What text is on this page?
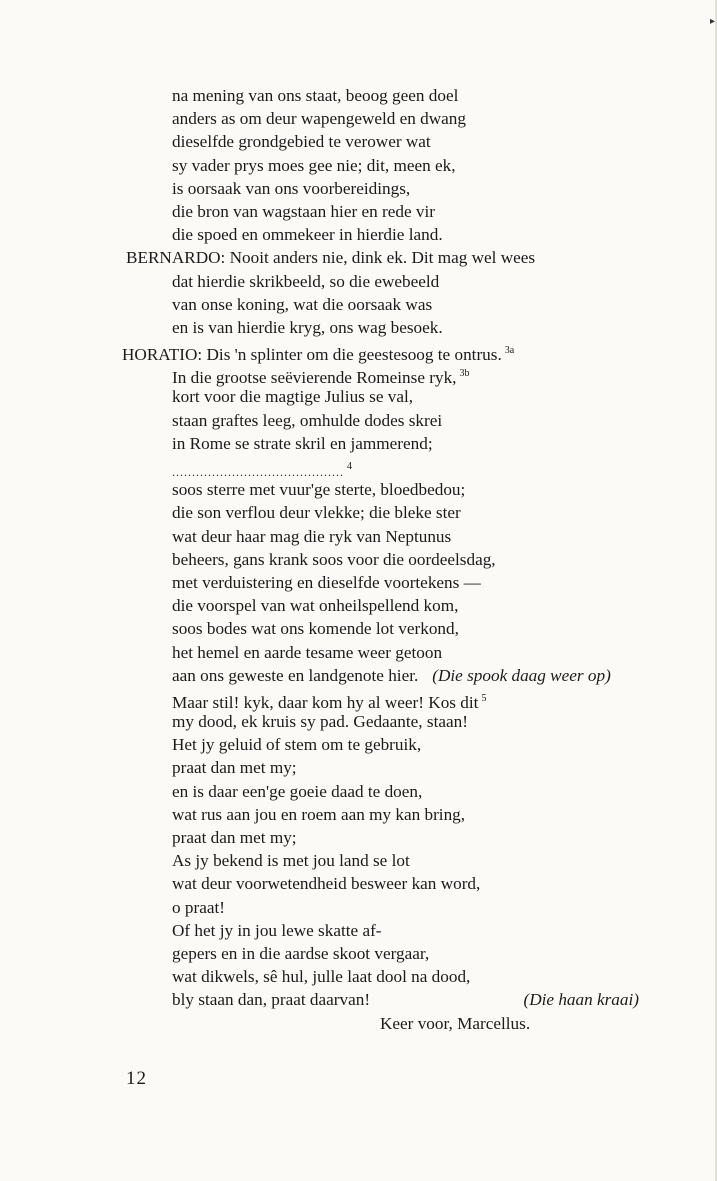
▸
na mening van ons staat, beoog geen doel
anders as om deur wapengeweld en dwang
dieselfde grondgebied te verower wat
sy vader prys moes gee nie; dit, meen ek,
is oorsaak van ons voorbereidings,
die bron van wagstaan hier en rede vir
die spoed en ommekeer in hierdie land.
BERNARDO: Nooit anders nie, dink ek. Dit mag wel wees
dat hierdie skrikbeeld, so die ewebeeld
van onse koning, wat die oorsaak was
en is van hierdie kryg, ons wag besoek.
HORATIO: Dis 'n splinter om die geestesoog te ontrus. $^{3a}$
In die grootse seëvierende Romeinse ryk, $^{3b}$
kort voor die magtige Julius se val,
staan graftes leeg, omhulde dodes skrei
in Rome se strate skril en jammerend;
........................................... $^4$
soos sterre met vuur'ge sterte, bloedbedou;
die son verflou deur vlekke; die bleke ster
wat deur haar mag die ryk van Neptunus
beheers, gans krank soos voor die oordeelsdag,
met verduistering en dieselfde voortekens —
die voorspel van wat onheilspellend kom,
soos bodes wat ons komende lot verkond,
het hemel en aarde tesame weer getoon
aan ons geweste en landgenote hier. (Die spook daag weer op)
Maar stil! kyk, daar kom hy al weer! Kos dit $^5$
my dood, ek kruis sy pad. Gedaante, staan!
Het jy geluid of stem om te gebruik,
praat dan met my;
en is daar een'ge goeie daad te doen,
wat rus aan jou en roem aan my kan bring,
praat dan met my;
As jy bekend is met jou land se lot
wat deur voorwetendheid besweer kan word,
o praat!
Of het jy in jou lewe skatte af-
gepers en in die aardse skoot vergaar,
wat dikwels, sê hul, julle laat dool na dood,
bly staan dan, praat daarvan!	(Die haan kraai)
Keer voor, Marcellus.
12
